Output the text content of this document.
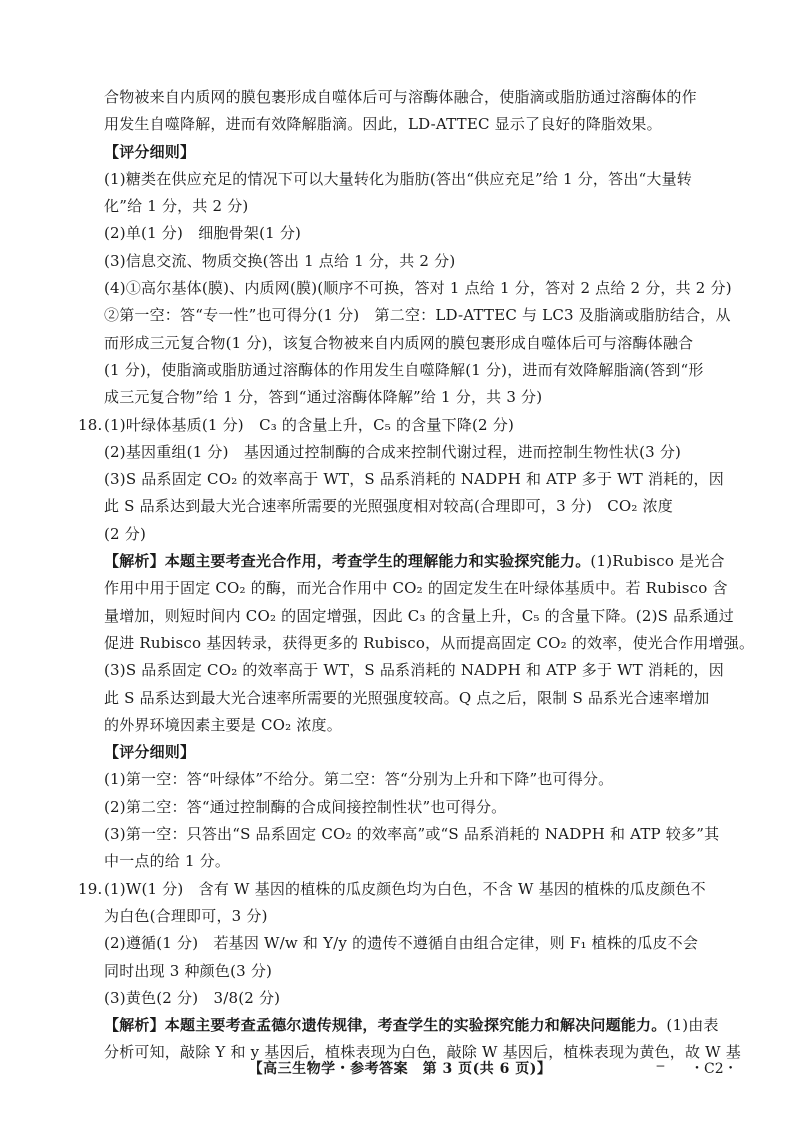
合物被来自内质网的膜包裹形成自噬体后可与溶酶体融合，使脂滴或脂肪通过溶酶体的作
用发生自噬降解，进而有效降解脂滴。因此，LD-ATTEC 显示了良好的降脂效果。
【评分细则】
(1)糖类在供应充足的情况下可以大量转化为脂肪(答出“供应充足”给 1 分，答出“大量转
化”给 1 分，共 2 分)
(2)单(1 分)　细胞骨架(1 分)
(3)信息交流、物质交换(答出 1 点给 1 分，共 2 分)
(4)①高尔基体(膜)、内质网(膜)(顺序不可换，答对 1 点给 1 分，答对 2 点给 2 分，共 2 分)
②第一空：答“专一性”也可得分(1 分)　第二空：LD-ATTEC 与 LC3 及脂滴或脂肪结合，从
而形成三元复合物(1 分)，该复合物被来自内质网的膜包裹形成自噬体后可与溶酶体融合
(1 分)，使脂滴或脂肪通过溶酶体的作用发生自噬降解(1 分)，进而有效降解脂滴(答到“形
成三元复合物”给 1 分，答到“通过溶酶体降解”给 1 分，共 3 分)
18. (1)叶绿体基质(1 分)　C₃ 的含量上升，C₅ 的含量下降(2 分)
(2)基因重组(1 分)　基因通过控制酶的合成来控制代谢过程，进而控制生物性状(3 分)
(3)S 品系固定 CO₂ 的效率高于 WT，S 品系消耗的 NADPH 和 ATP 多于 WT 消耗的，因
此 S 品系达到最大光合速率所需要的光照强度相对较高(合理即可，3 分)　CO₂ 浓度
(2 分)
【解析】本题主要考查光合作用，考查学生的理解能力和实验探究能力。(1)Rubisco 是光合
作用中用于固定 CO₂ 的酶，而光合作用中 CO₂ 的固定发生在叶绿体基质中。若 Rubisco 含
量增加，则短时间内 CO₂ 的固定增强，因此 C₃ 的含量上升，C₅ 的含量下降。(2)S 品系通过
促进 Rubisco 基因转录，获得更多的 Rubisco，从而提高固定 CO₂ 的效率，使光合作用增强。
(3)S 品系固定 CO₂ 的效率高于 WT，S 品系消耗的 NADPH 和 ATP 多于 WT 消耗的，因
此 S 品系达到最大光合速率所需要的光照强度较高。Q 点之后，限制 S 品系光合速率增加
的外界环境因素主要是 CO₂ 浓度。
【评分细则】
(1)第一空：答“叶绿体”不给分。第二空：答“分别为上升和下降”也可得分。
(2)第二空：答“通过控制酶的合成间接控制性状”也可得分。
(3)第一空：只答出“S 品系固定 CO₂ 的效率高”或“S 品系消耗的 NADPH 和 ATP 较多”其
中一点的给 1 分。
19. (1)W(1 分)　含有 W 基因的植株的瓜皮颜色均为白色，不含 W 基因的植株的瓜皮颜色不
为白色(合理即可，3 分)
(2)遵循(1 分)　若基因 W/w 和 Y/y 的遗传不遵循自由组合定律，则 F₁ 植株的瓜皮不会
同时出现 3 种颜色(3 分)
(3)黄色(2 分)　3/8(2 分)
【解析】本题主要考查孟德尔遗传规律，考查学生的实验探究能力和解决问题能力。(1)由表
分析可知，敲除 Y 和 y 基因后，植株表现为白色，敲除 W 基因后，植株表现为黄色，故 W 基
【高三生物学・参考答案　第 3 页(共 6 页)】	‒ ・C2・
